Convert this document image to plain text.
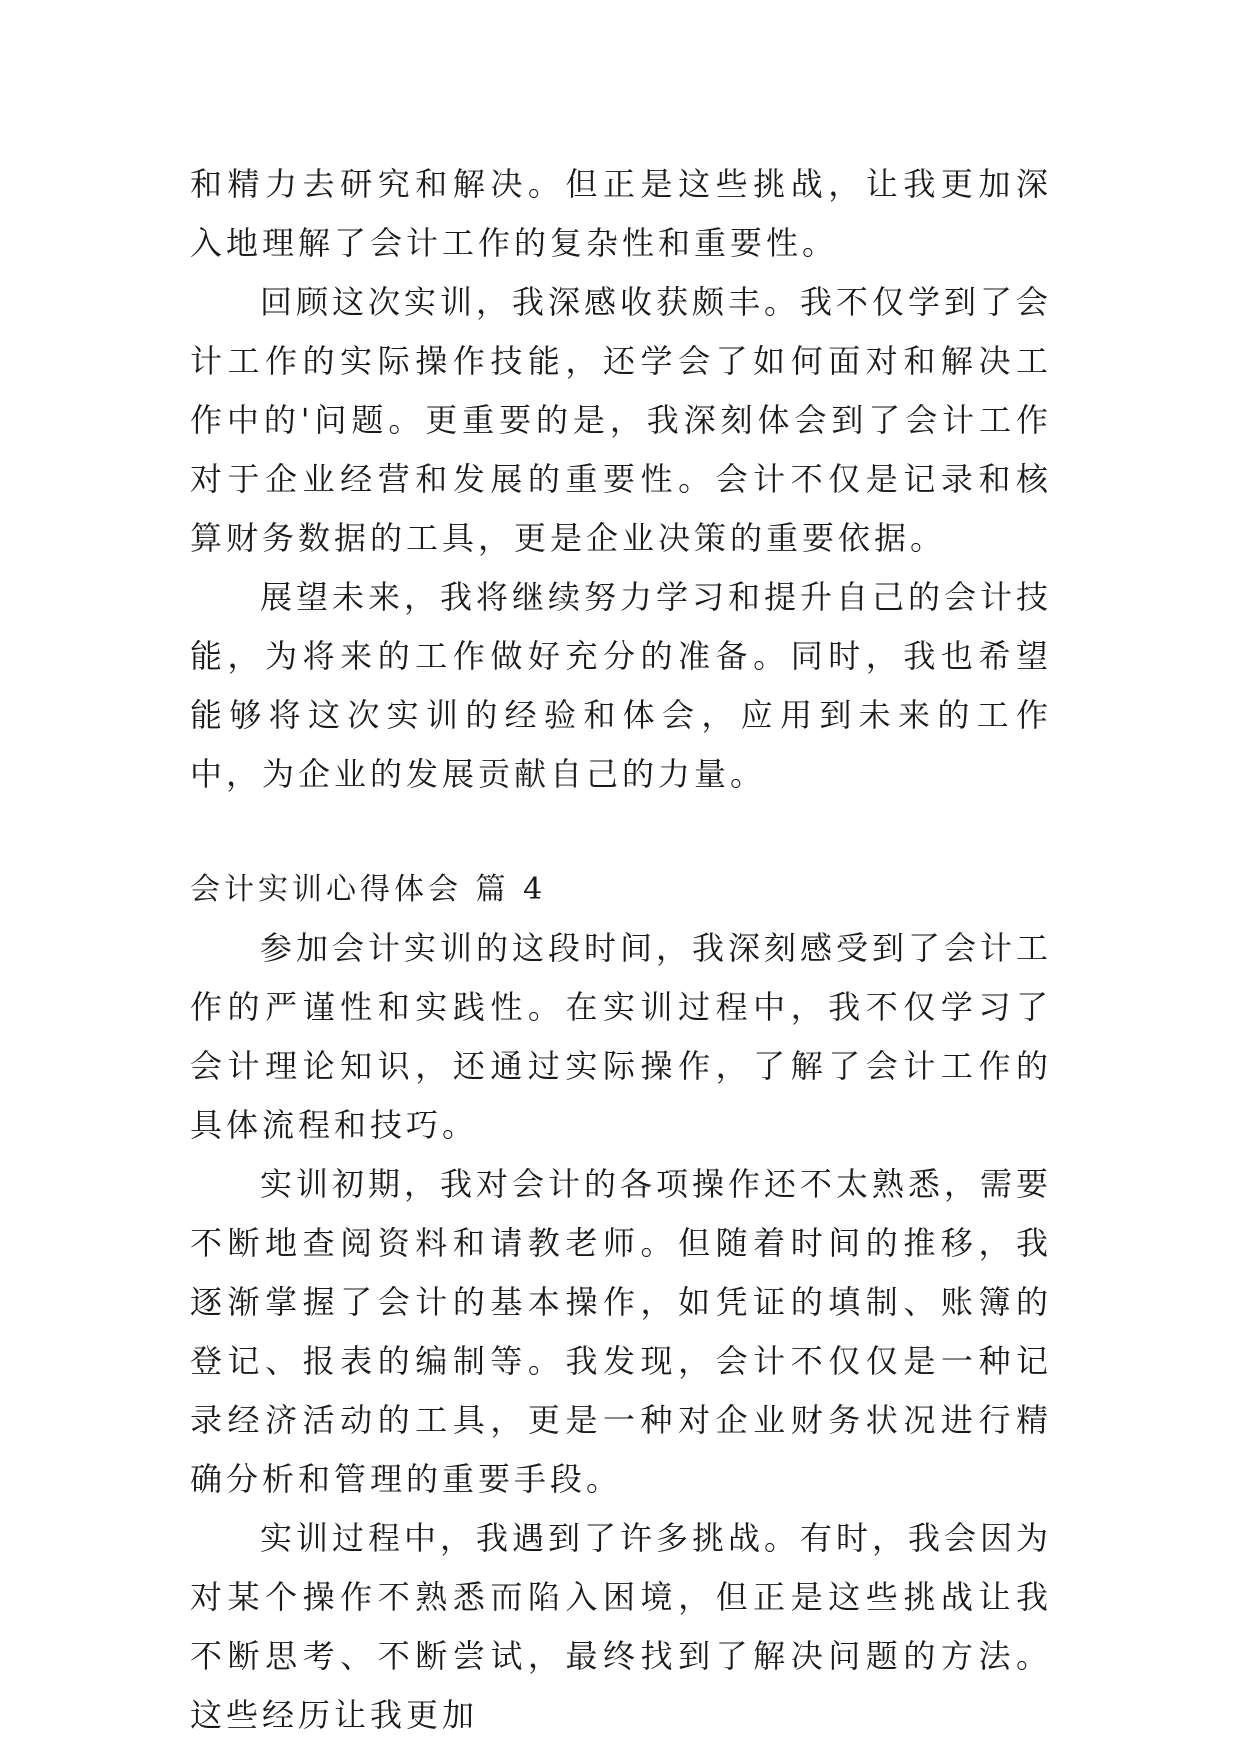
和精力去研究和解决。但正是这些挑战，让我更加深入地理解了会计工作的复杂性和重要性。

回顾这次实训，我深感收获颇丰。我不仅学到了会计工作的实际操作技能，还学会了如何面对和解决工作中的'问题。更重要的是，我深刻体会到了会计工作对于企业经营和发展的重要性。会计不仅是记录和核算财务数据的工具，更是企业决策的重要依据。

展望未来，我将继续努力学习和提升自己的会计技能，为将来的工作做好充分的准备。同时，我也希望能够将这次实训的经验和体会，应用到未来的工作中，为企业的发展贡献自己的力量。

会计实训心得体会 篇 4

参加会计实训的这段时间，我深刻感受到了会计工作的严谨性和实践性。在实训过程中，我不仅学习了会计理论知识，还通过实际操作，了解了会计工作的具体流程和技巧。

实训初期，我对会计的各项操作还不太熟悉，需要不断地查阅资料和请教老师。但随着时间的推移，我逐渐掌握了会计的基本操作，如凭证的填制、账簿的登记、报表的编制等。我发现，会计不仅仅是一种记录经济活动的工具，更是一种对企业财务状况进行精确分析和管理的重要手段。

实训过程中，我遇到了许多挑战。有时，我会因为对某个操作不熟悉而陷入困境，但正是这些挑战让我不断思考、不断尝试，最终找到了解决问题的方法。这些经历让我更加
